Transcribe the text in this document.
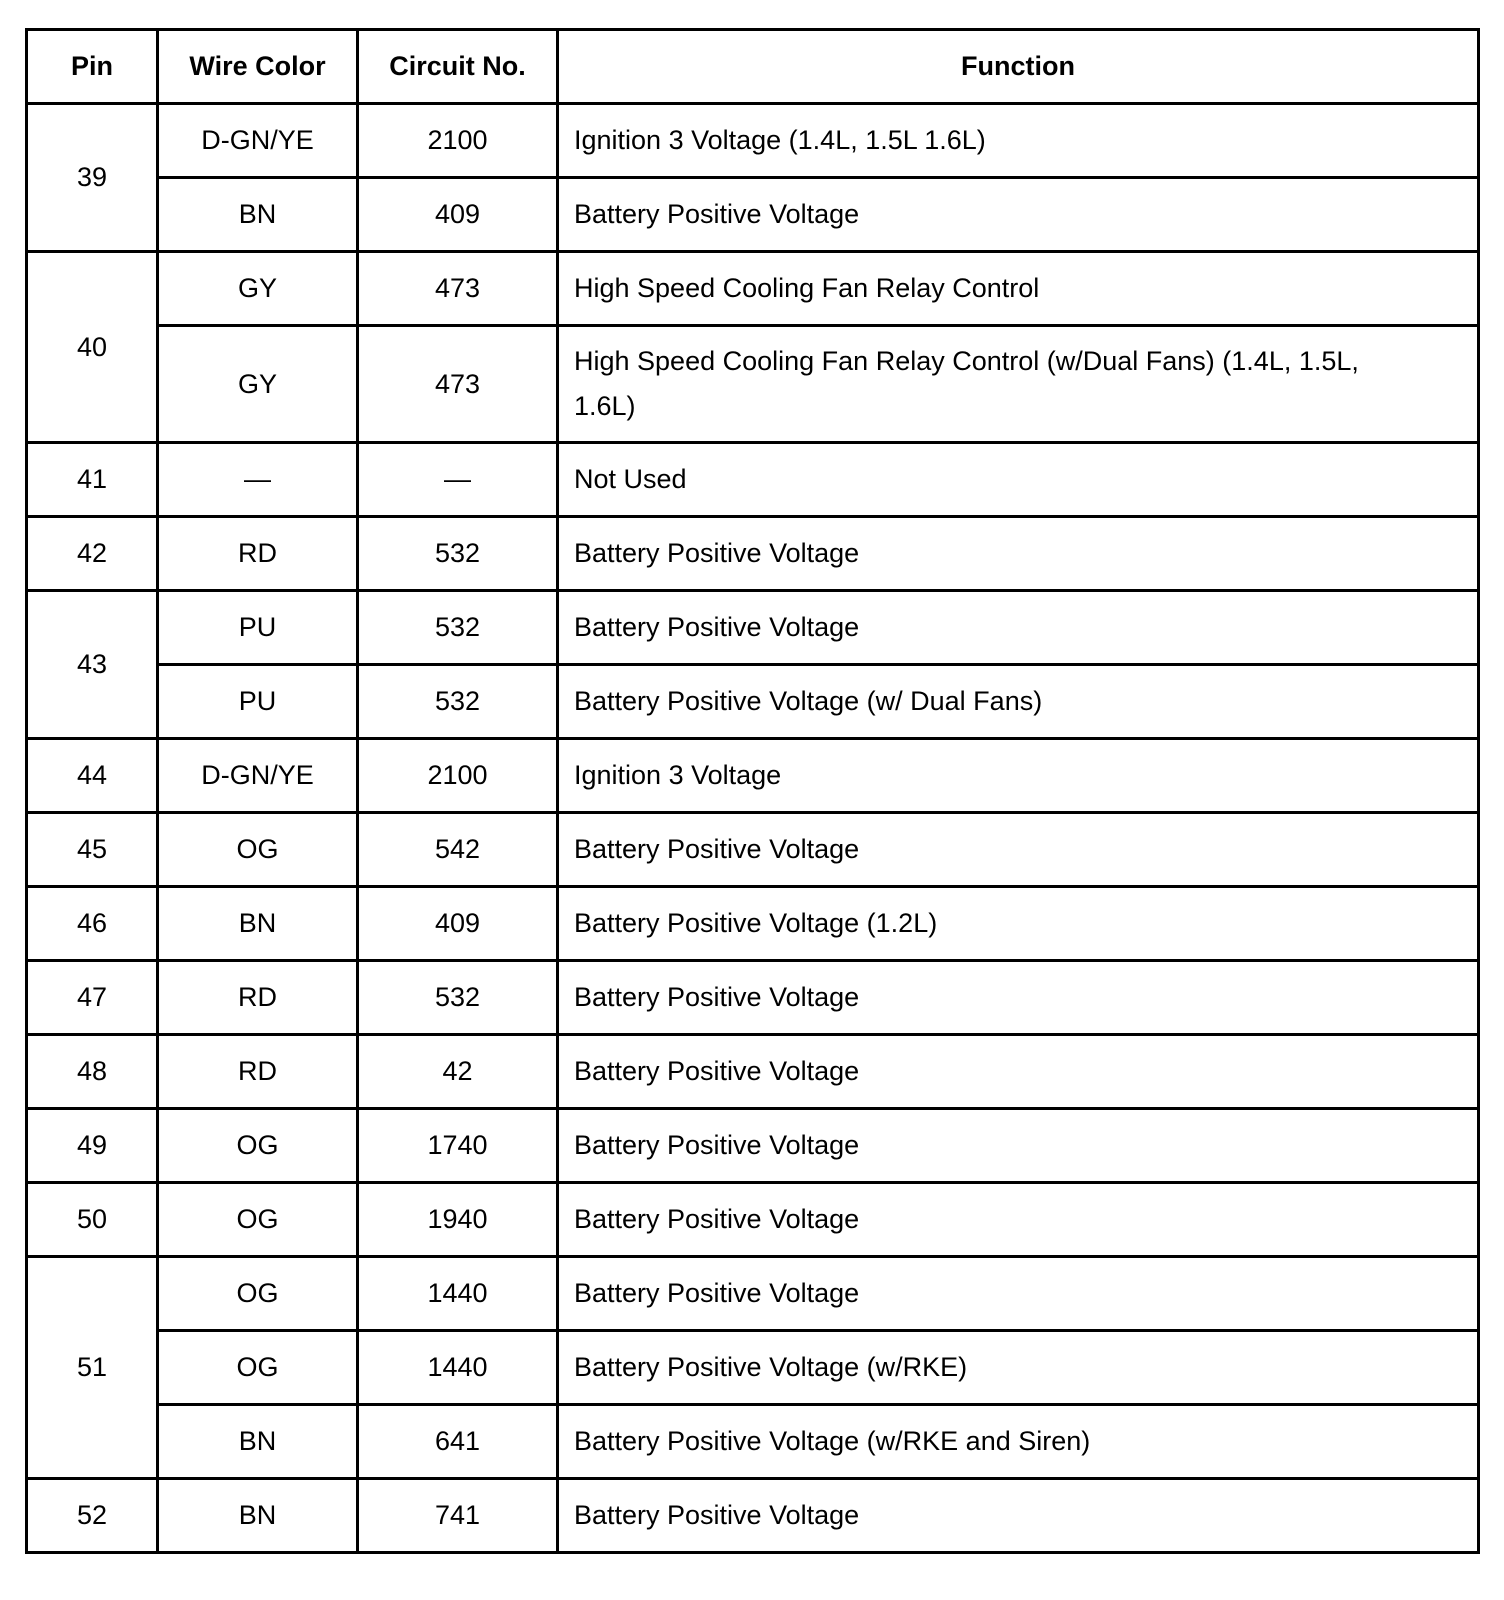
Pin	Wire Color	Circuit No.	Function
39	D-GN/YE	2100	Ignition 3 Voltage (1.4L, 1.5L 1.6L)
	BN	409	Battery Positive Voltage
40	GY	473	High Speed Cooling Fan Relay Control
	GY	473	High Speed Cooling Fan Relay Control (w/Dual Fans) (1.4L, 1.5L, 1.6L)
41	—	—	Not Used
42	RD	532	Battery Positive Voltage
43	PU	532	Battery Positive Voltage
	PU	532	Battery Positive Voltage (w/ Dual Fans)
44	D-GN/YE	2100	Ignition 3 Voltage
45	OG	542	Battery Positive Voltage
46	BN	409	Battery Positive Voltage (1.2L)
47	RD	532	Battery Positive Voltage
48	RD	42	Battery Positive Voltage
49	OG	1740	Battery Positive Voltage
50	OG	1940	Battery Positive Voltage
51	OG	1440	Battery Positive Voltage
	OG	1440	Battery Positive Voltage (w/RKE)
	BN	641	Battery Positive Voltage (w/RKE and Siren)
52	BN	741	Battery Positive Voltage
